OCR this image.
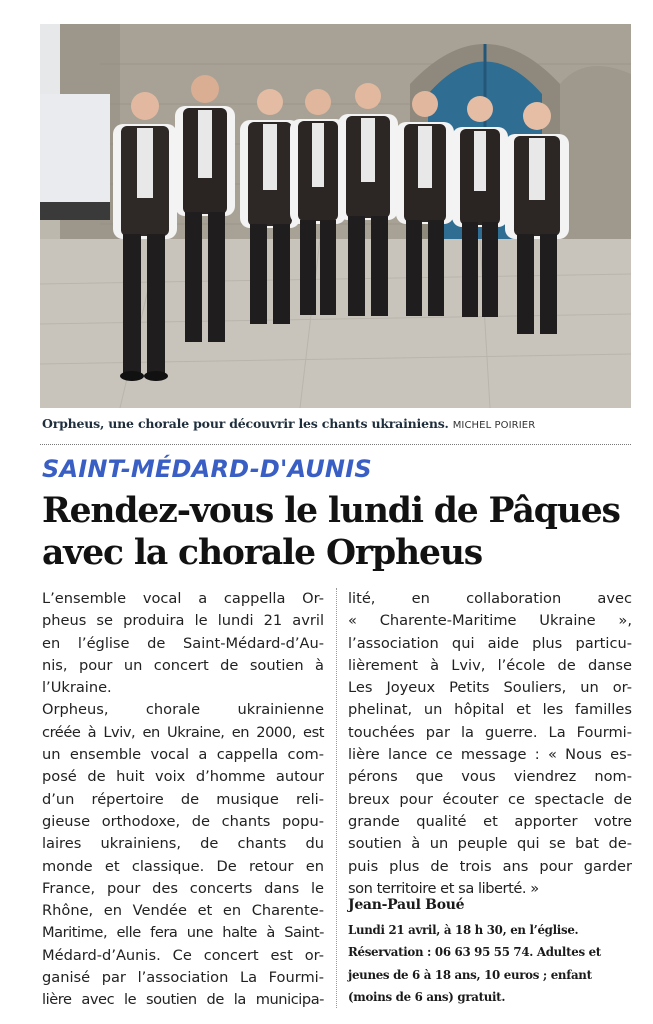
Orpheus, une chorale pour découvrir les chants ukrainiens. MICHEL POIRIER
SAINT-MÉDARD-D'AUNIS
Rendez-vous le lundi de Pâques
avec la chorale Orpheus
L’ensemble vocal a cappella Or-
pheus se produira le lundi 21 avril
en l’église de Saint-Médard-d’Au-
nis, pour un concert de soutien à
l’Ukraine.
Orpheus, chorale ukrainienne
créée à Lviv, en Ukraine, en 2000, est
un ensemble vocal a cappella com-
posé de huit voix d’homme autour
d’un répertoire de musique reli-
gieuse orthodoxe, de chants popu-
laires ukrainiens, de chants du
monde et classique. De retour en
France, pour des concerts dans le
Rhône, en Vendée et en Charente-
Maritime, elle fera une halte à Saint-
Médard-d’Aunis. Ce concert est or-
ganisé par l’association La Fourmi-
lière avec le soutien de la municipa-
lité, en collaboration avec
« Charente-Maritime Ukraine »,
l’association qui aide plus particu-
lièrement à Lviv, l’école de danse
Les Joyeux Petits Souliers, un or-
phelinat, un hôpital et les familles
touchées par la guerre. La Fourmi-
lière lance ce message : « Nous es-
pérons que vous viendrez nom-
breux pour écouter ce spectacle de
grande qualité et apporter votre
soutien à un peuple qui se bat de-
puis plus de trois ans pour garder
son territoire et sa liberté. »
Jean-Paul Boué
Lundi 21 avril, à 18 h 30, en l’église.
Réservation : 06 63 95 55 74. Adultes et
jeunes de 6 à 18 ans, 10 euros ; enfant
(moins de 6 ans) gratuit.
